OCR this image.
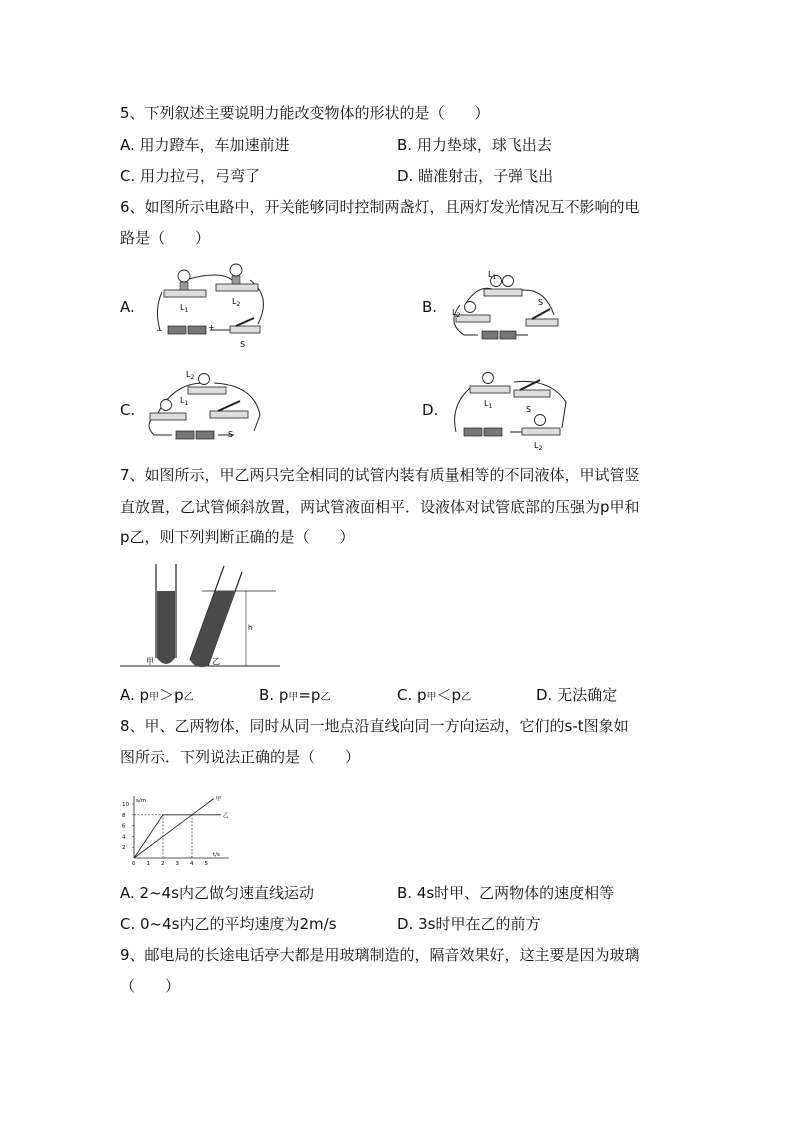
5、下列叙述主要说明力能改变物体的形状的是（　　）
A. 用力蹬车，车加速前进	B. 用力垫球，球飞出去
C. 用力拉弓，弓弯了	D. 瞄准射击，子弹飞出
6、如图所示电路中，开关能够同时控制两盏灯，且两灯发光情况互不影响的电
路是（　　）
A.	B.
C.	D.
$L_1$
$L_2$
S
−	+
$L_1$
$L_2$
S
$L_1$
$L_2$
S
$L_1$	S
$L_2$
7、如图所示，甲乙两只完全相同的试管内装有质量相等的不同液体，甲试管竖
直放置，乙试管倾斜放置，两试管液面相平．设液体对试管底部的压强为p甲和
p乙，则下列判断正确的是（　　）
甲	乙
h
A. p甲＞p乙	B. p甲=p乙	C. p甲＜p乙	D. 无法确定
8、甲、乙两物体，同时从同一地点沿直线向同一方向运动，它们的s-t图象如
图所示．下列说法正确的是（　　）
s/m
t/s
0 1 2 3 4 5
2
4
6
8
10
甲
乙
A. 2~4s内乙做匀速直线运动	B. 4s时甲、乙两物体的速度相等
C. 0~4s内乙的平均速度为2m/s	D. 3s时甲在乙的前方
9、邮电局的长途电话亭大都是用玻璃制造的，隔音效果好，这主要是因为玻璃
（　　）
